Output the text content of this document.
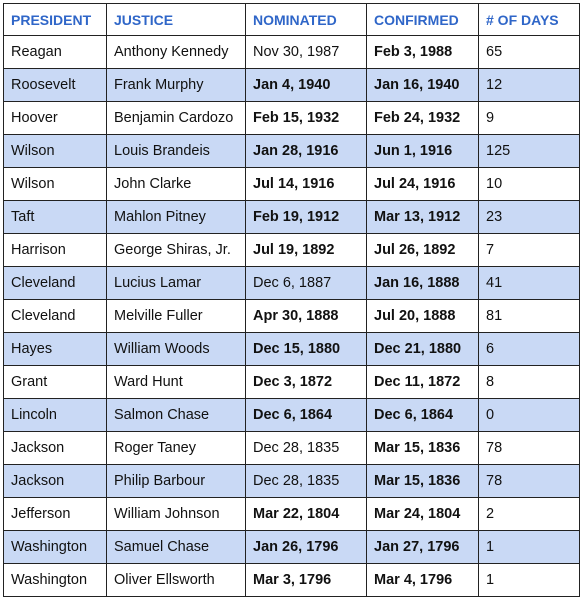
PRESIDENT	JUSTICE	NOMINATED	CONFIRMED	# OF DAYS
Reagan	Anthony Kennedy	Nov 30, 1987	Feb 3, 1988	65
Roosevelt	Frank Murphy	Jan 4, 1940	Jan 16, 1940	12
Hoover	Benjamin Cardozo	Feb 15, 1932	Feb 24, 1932	9
Wilson	Louis Brandeis	Jan 28, 1916	Jun 1, 1916	125
Wilson	John Clarke	Jul 14, 1916	Jul 24, 1916	10
Taft	Mahlon Pitney	Feb 19, 1912	Mar 13, 1912	23
Harrison	George Shiras, Jr.	Jul 19, 1892	Jul 26, 1892	7
Cleveland	Lucius Lamar	Dec 6, 1887	Jan 16, 1888	41
Cleveland	Melville Fuller	Apr 30, 1888	Jul 20, 1888	81
Hayes	William Woods	Dec 15, 1880	Dec 21, 1880	6
Grant	Ward Hunt	Dec 3, 1872	Dec 11, 1872	8
Lincoln	Salmon Chase	Dec 6, 1864	Dec 6, 1864	0
Jackson	Roger Taney	Dec 28, 1835	Mar 15, 1836	78
Jackson	Philip Barbour	Dec 28, 1835	Mar 15, 1836	78
Jefferson	William Johnson	Mar 22, 1804	Mar 24, 1804	2
Washington	Samuel Chase	Jan 26, 1796	Jan 27, 1796	1
Washington	Oliver Ellsworth	Mar 3, 1796	Mar 4, 1796	1
